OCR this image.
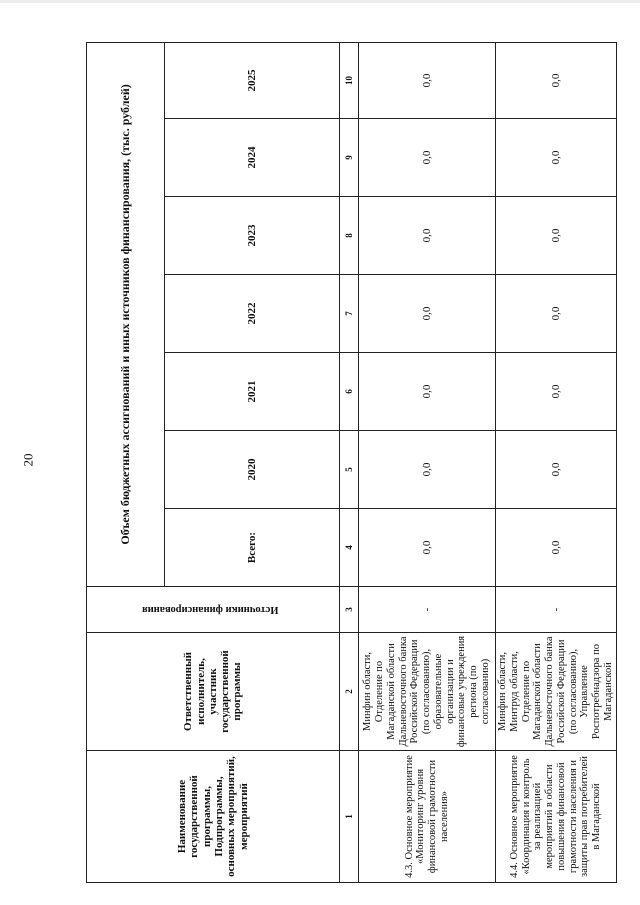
20
Наименование государственной программы, Подпрограммы, основных мероприятий, мероприятий	Ответственный исполнитель, участник государственной программы	Источники финансирования	Объем бюджетных ассигнований и иных источников финансирования, (тыс. рублей)						
			Всего:	2020	2021	2022	2023	2024	2025
1	2	3	4	5	6	7	8	9	10
4.3. Основное мероприятие «Мониторинг уровня финансовой грамотности населения»	Минфин области, Отделение по Магаданской области Дальневосточного банка Российской Федерации (по согласованию), образовательные организации и финансовые учреждения региона (по согласованию)	-	0,0	0,0	0,0	0,0	0,0	0,0	0,0
4.4. Основное мероприятие «Координация и контроль за реализацией мероприятий в области повышения финансовой грамотности населения и защиты прав потребителей в Магаданской	Минфин области, Минтруд области, Отделение по Магаданской области Дальневосточного банка Российской Федерации (по согласованию), Управление Роспотребнадзора по Магаданской	-	0,0	0,0	0,0	0,0	0,0	0,0	0,0
